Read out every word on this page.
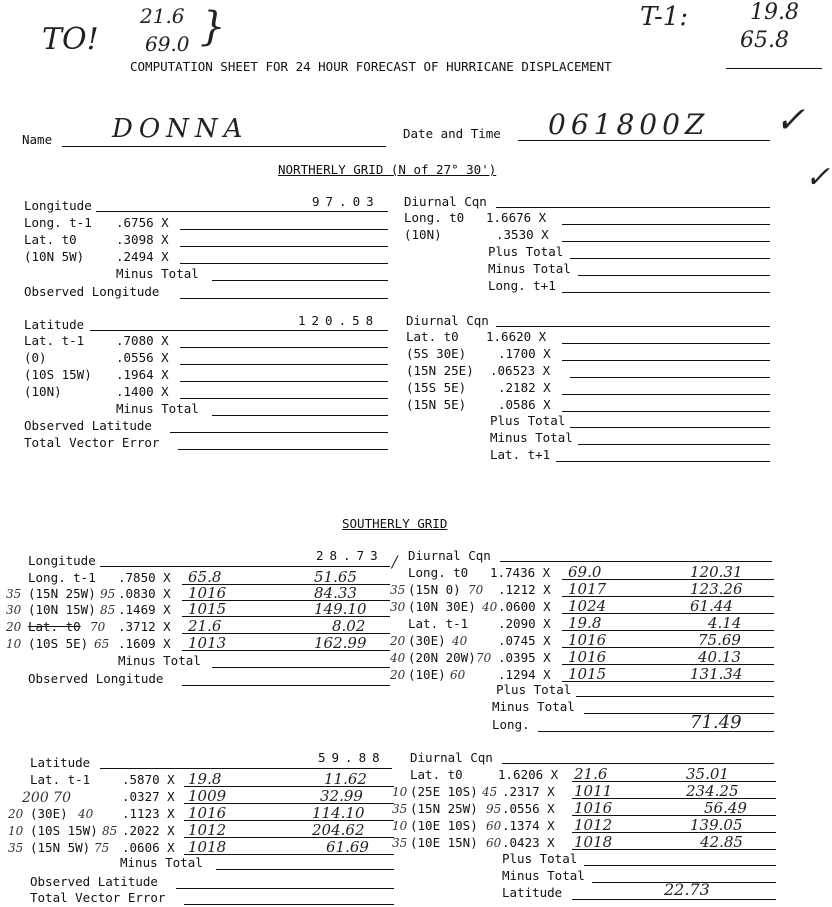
TO!
21.6
69.0 }	T-1:	19.8
65.8
COMPUTATION SHEET FOR 24 HOUR FORECAST OF HURRICANE DISPLACEMENT
Name DONNA	Date and Time 061800Z ✓
✓
NORTHERLY GRID (N of 27° 30')
Longitude	97.03
Long. t-1 .6756 X
Lat. t0	.3098 X
(10N 5W)	.2494 X
Minus Total
Observed Longitude
Diurnal Cqn
Long. t0 1.6676 X
(10N)	.3530 X
Plus Total
Minus Total
Long. t+1
Latitude	120.58
Lat. t-1	.7080 X
(0)	.0556 X
(10S 15W) .1964 X
(10N)	.1400 X
Minus Total
Observed Latitude
Total Vector Error
Diurnal Cqn
Lat. t0 1.6620 X
(5S 30E)	.1700 X
(15N 25E) .06523 X
(15S 5E)	.2182 X
(15N 5E)	.0586 X
Plus Total
Minus Total
Lat. t+1
SOUTHERLY GRID
Longitude	28.73
Long. t-1 .7850 X 65.8	51.65
35 (15N 25W) 95 .0830 X 1016	84.33
30 (10N 15W) 85 .1469 X 1015	149.10
20 Lat. t0 70 .3712 X 21.6	8.02
10 (10S 5E) 65 .1609 X 1013	162.99
Minus Total
Observed Longitude
Diurnal Cqn
Long. t0 1.7436 X 69.0	120.31
35 (15N 0) 70 .1212 X 1017	123.26
30 (10N 30E) 40 .0600 X 1024	61.44
Lat. t-1 .2090 X 19.8	4.14
20 (30E) 40 .0745 X 1016	75.69
40 (20N 20W) 70 .0395 X 1016	40.13
20 (10E) 60	.1294 X 1015	131.34
Plus Total
Minus Total
Long.	71.49
Latitude	59.88
Lat. t-1	.5870 X 19.8	11.62
200 70	.0327 X 1009	32.99
20 (30E) 40 .1123 X 1016	114.10
10 (10S 15W) 85 .2022 X 1012	204.62
35 (15N 5W) 75 .0606 X 1018	61.69
Minus Total
Observed Latitude
Total Vector Error
Diurnal Cqn
Lat. t0	1.6206 X 21.6	35.01
10 (25E 10S) 45 .2317 X 1011	234.25
35 (15N 25W) 95 .0556 X 1016	56.49
10 (10E 10S) 60 .1374 X 1012	139.05
35 (10E 15N) 60 .0423 X 1018	42.85
Plus Total
Minus Total
Latitude	22.73
/
